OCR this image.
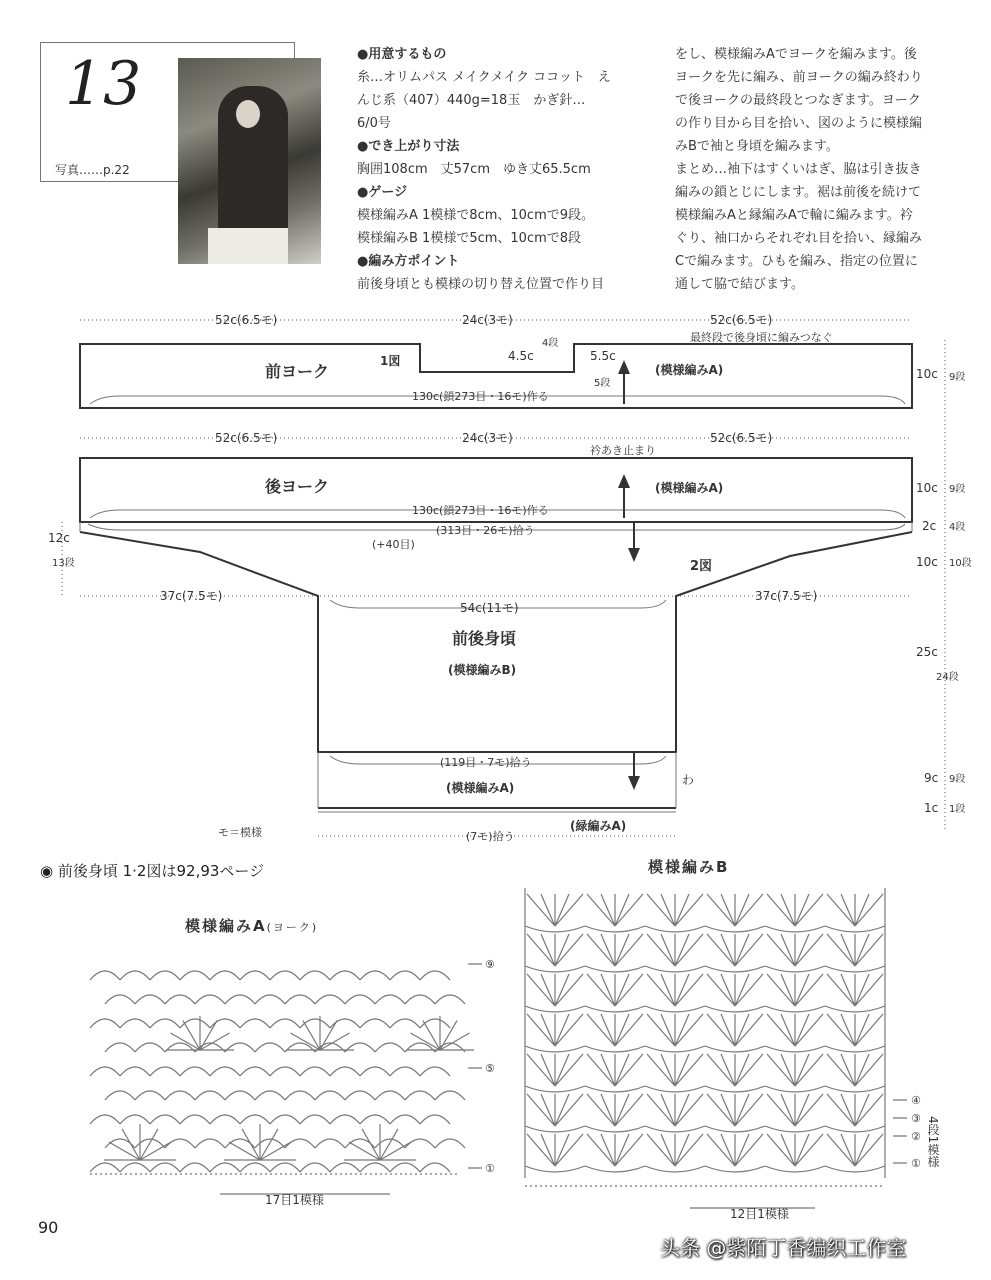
13
写真……p.22
●用意するもの
糸…オリムパス メイクメイク ココット　え
んじ系（407）440g=18玉　かぎ針…
6/0号
●でき上がり寸法
胸囲108cm　丈57cm　ゆき丈65.5cm
●ゲージ
模様編みA 1模様で8cm、10cmで9段。
模様編みB 1模様で5cm、10cmで8段
●編み方ポイント
前後身頃とも模様の切り替え位置で作り目
をし、模様編みAでヨークを編みます。後
ヨークを先に編み、前ヨークの編み終わり
で後ヨークの最終段とつなぎます。ヨーク
の作り目から目を拾い、図のように模様編
みBで袖と身頃を編みます。
まとめ…袖下はすくいはぎ、脇は引き抜き
編みの鎖とじにします。裾は前後を続けて
模様編みAと縁編みAで輪に編みます。衿
ぐり、袖口からそれぞれ目を拾い、縁編み
Cで編みます。ひもを編み、指定の位置に
通して脇で結びます。
52c(6.5モ)	24c(3モ)	52c(6.5モ)
最終段で後身頃に編みつなぐ
前ヨーク
1図	4.5c
4段
5.5c
5段
(模様編みA)
130c(鎖273目・16モ)作る
10c 9段
52c(6.5モ)	24c(3モ)	52c(6.5モ)
衿あき止まり
後ヨーク	(模様編みA)
130c(鎖273目・16モ)作る
(313目・26モ)拾う
(+40目)
10c 9段
2c 4段
10c 10段
12c
13段	2図
37c(7.5モ)
54c(11モ)
37c(7.5モ)
前後身頃
(模様編みB)
25c
24段
(119目・7モ)拾う
(模様編みA)
わ	9c 9段
1c 1段
(緑編みA)
(7モ)拾う
モ＝模様
◉ 前後身頃 1·2図は92,93ページ
模様編みA(ヨーク)
17目1模様
⑨
⑤
①
模様編みB
12目1模様
④
③
②
① 4段1模様
90
头条 @紫陌丁香编织工作室
